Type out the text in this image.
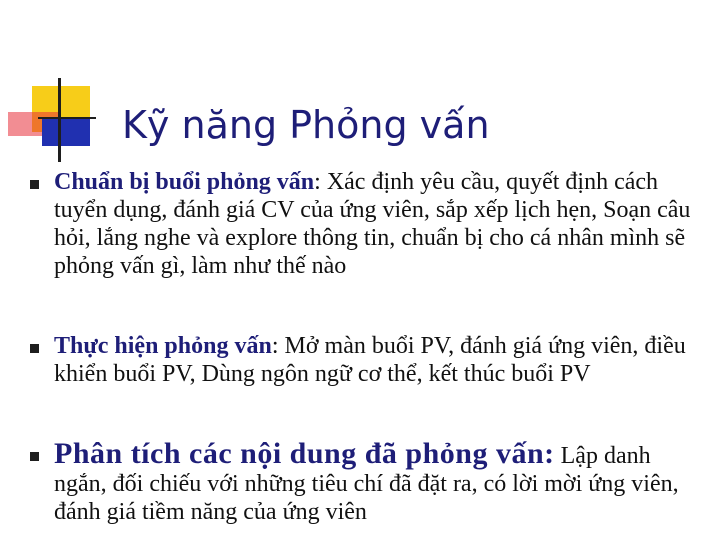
Kỹ năng Phỏng vấn
Chuẩn bị buổi phỏng vấn: Xác định yêu cầu, quyết định cách tuyển dụng, đánh giá CV của ứng viên, sắp xếp lịch hẹn, Soạn câu hỏi, lắng nghe và explore thông tin, chuẩn bị cho cá nhân mình sẽ phỏng vấn gì, làm như thế nào
Thực hiện phỏng vấn: Mở màn buổi PV, đánh giá ứng viên, điều khiển buổi PV, Dùng ngôn ngữ cơ thể, kết thúc buổi PV
Phân tích các nội dung đã phỏng vấn: Lập danh ngắn, đối chiếu với những tiêu chí đã đặt ra, có lời mời ứng viên, đánh giá tiềm năng của ứng viên
